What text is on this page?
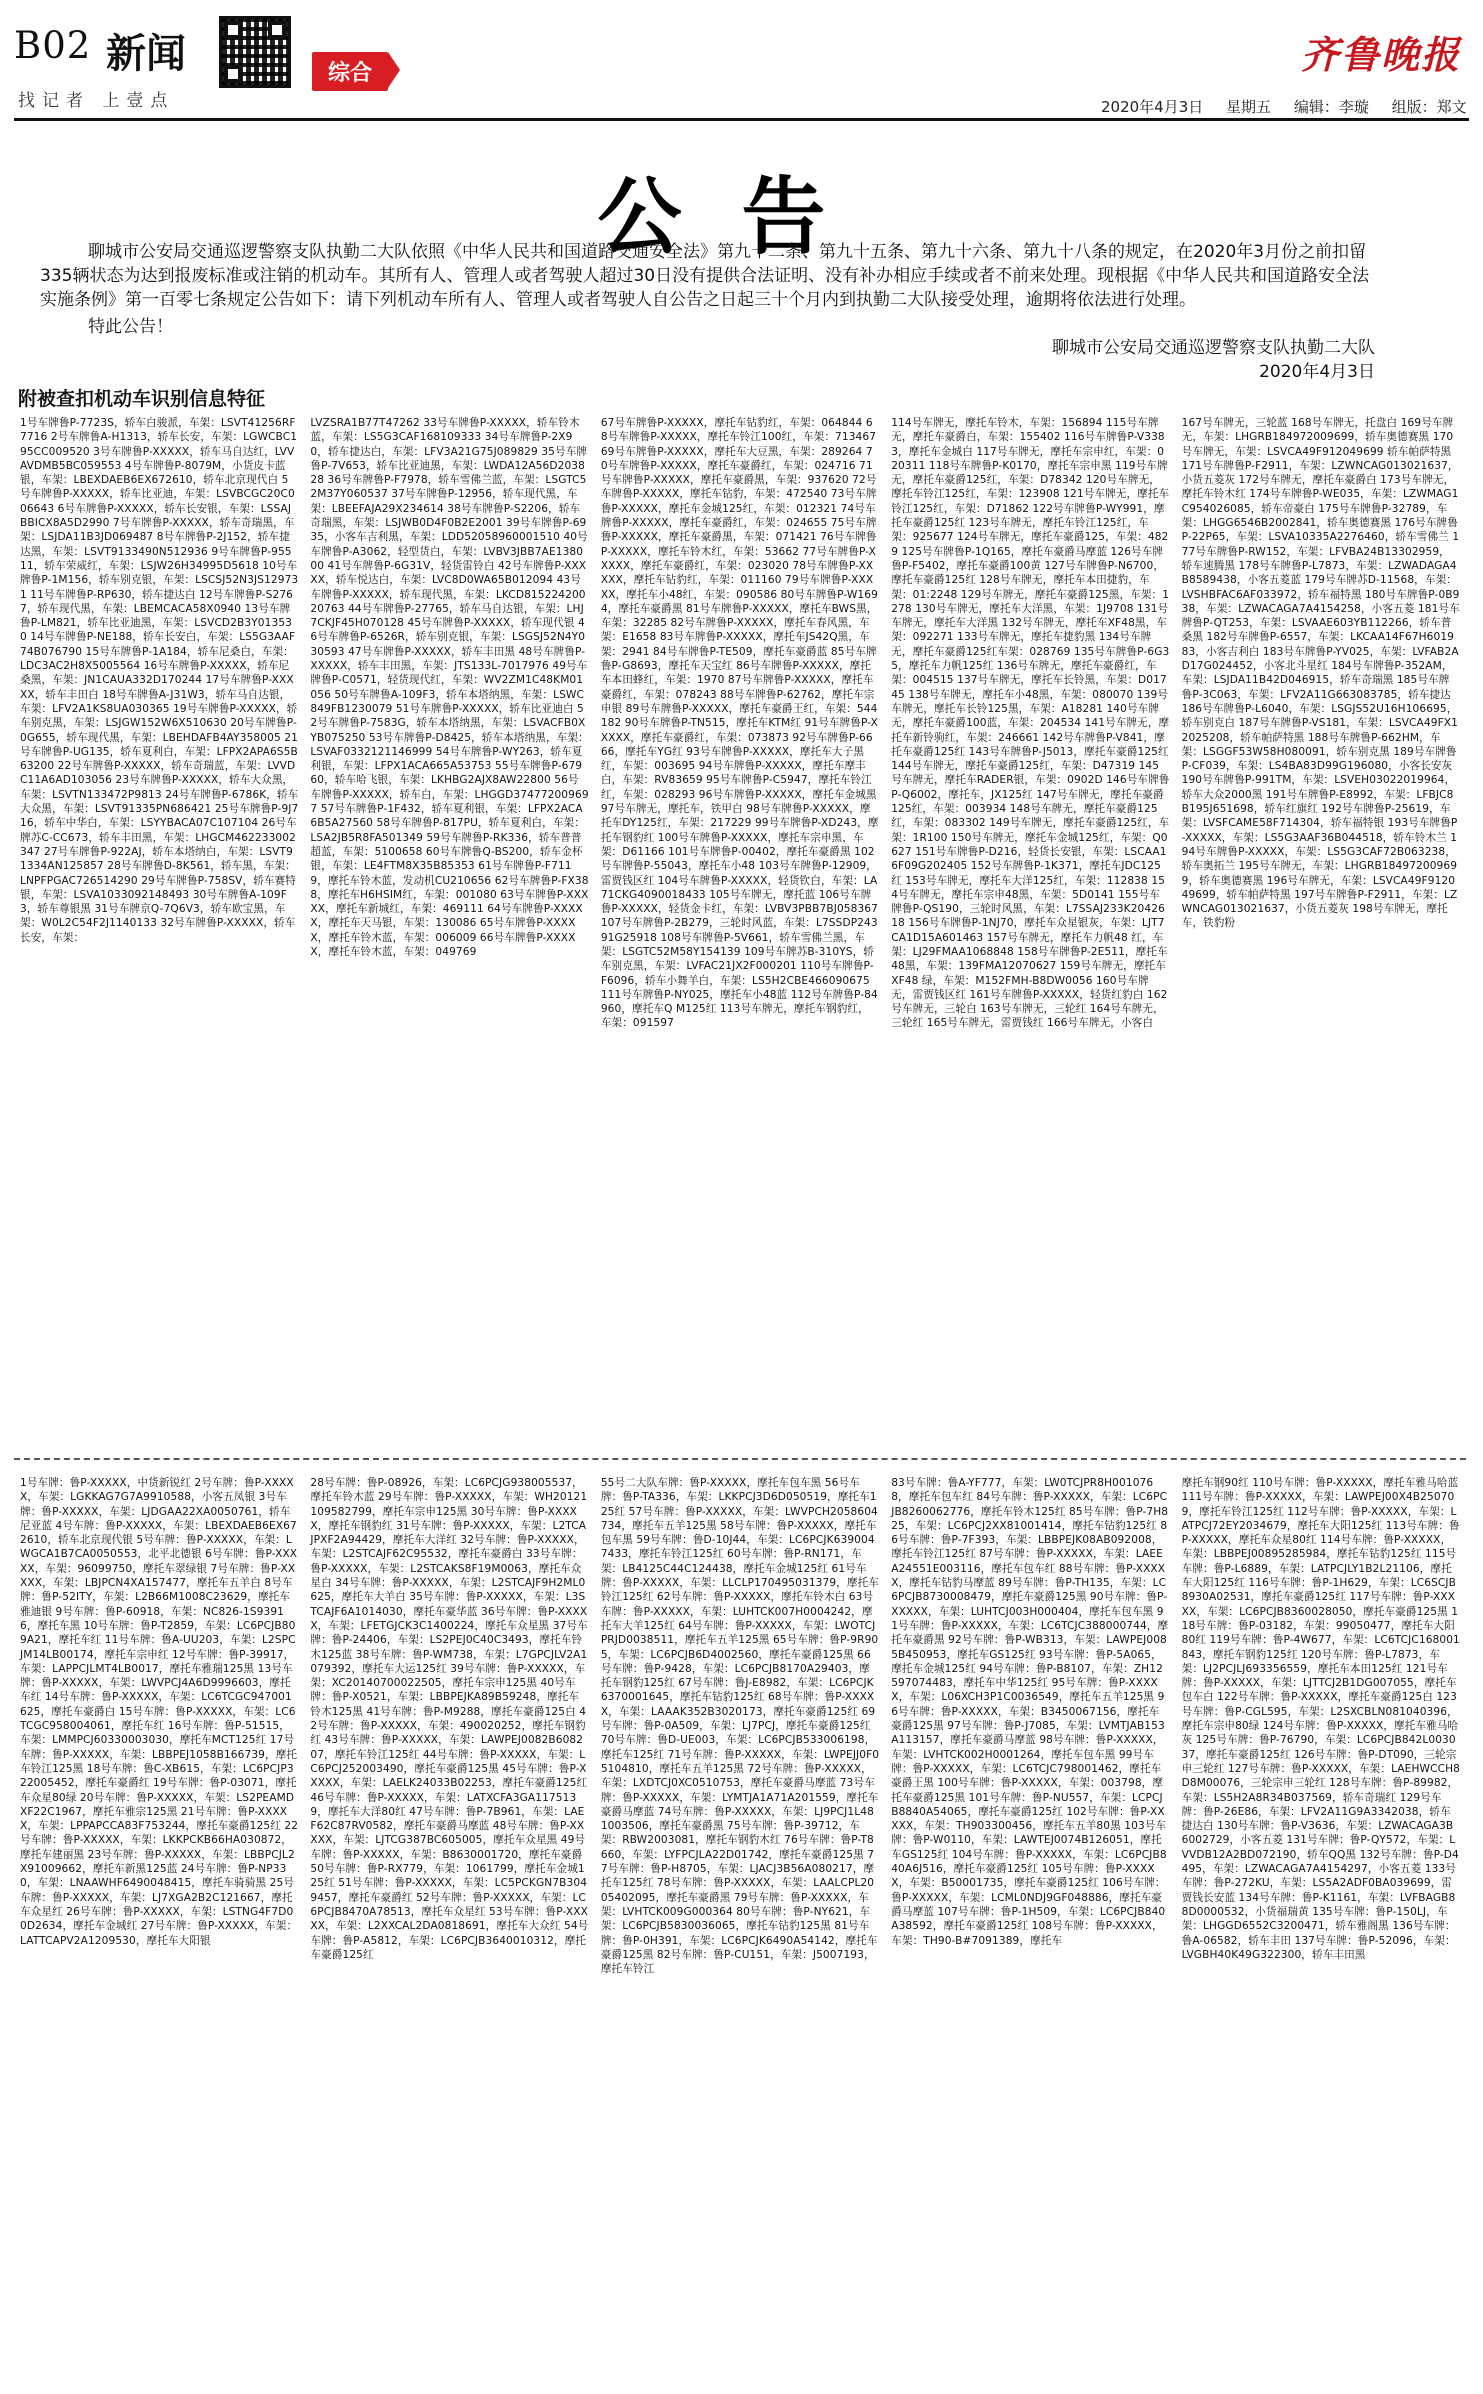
B02 新闻
找记者 上壹点
综合	齐鲁晚报
2020年4月3日 星期五 编辑：李璇 组版：郑文
公告
聊城市公安局交通巡逻警察支队执勤二大队依照《中华人民共和国道路交通安全法》第九十二条、第九十五条、第九十六条、第九十八条的规定，在2020年3月份之前扣留335辆状态为达到报废标准或注销的机动车。其所有人、管理人或者驾驶人超过30日没有提供合法证明、没有补办相应手续或者不前来处理。现根据《中华人民共和国道路安全法实施条例》第一百零七条规定公告如下：请下列机动车所有人、管理人或者驾驶人自公告之日起三十个月内到执勤二大队接受处理，逾期将依法进行处理。
特此公告！
聊城市公安局交通巡逻警察支队执勤二大队
2020年4月3日
附被查扣机动车识别信息特征

1号车牌鲁P-7723S，轿车白骏派，车架：LSVT41256RF7716 2号车牌鲁A-H1313，轿车长安，车架：LGWCBC195CC009520 3号车牌鲁P-XXXXX，轿车马自达红，LVVAVDMB5BC059553 4号车牌鲁P-8079M，小货皮卡蓝银，车架：LBEXDAEB6EX672610，轿车北京现代白 5号车牌鲁P-XXXXX，轿车比亚迪，车架：LSVBCGC20C006643 6号车牌鲁P-XXXXX，轿车长安银，车架：LSSAJBBICX8A5D2990 7号车牌鲁P-XXXXX，轿车奇瑞黑，车架：LSJDA11B3JD069487 8号车牌鲁P-2J152，轿车捷达黑，车架：LSVT9133490N512936 9号车牌鲁P-95511，轿车荣威红，车架：LSJW26H34995D5618 10号车牌鲁P-1M156，轿车别克银，车架：LSCSJ52N3JS129731 11号车牌鲁P-RP630，轿车捷达白 12号车牌鲁P-S2767，轿车现代黑，车架：LBEMCACA58X0940 13号车牌鲁P-LM821，轿车比亚迪黑，车架：LSVCD2B3Y013530 14号车牌鲁P-NE188，轿车长安白，车架：LS5G3AAF74B076790 15号车牌鲁P-1A184，轿车尼桑白，车架：LDC3AC2H8X5005564 16号车牌鲁P-XXXXX，轿车尼桑黑，车架：JN1CAUA332D170244 17号车牌鲁P-XXXXX，轿车丰田白 18号车牌鲁A-J31W3，轿车马自达银，车架：LFV2A1KS8UA030365 19号车牌鲁P-XXXXX，轿车别克黑，车架：LSJGW152W6X510630 20号车牌鲁P-0G655，轿车现代黑，车架：LBEHDAFB4AY358005 21号车牌鲁P-UG135，轿车夏利白，车架：LFPX2APA6S5B63200 22号车牌鲁P-XXXXX，轿车奇瑞蓝，车架：LVVDC11A6AD103056 23号车牌鲁P-XXXXX，轿车大众黑，车架：LSVTN133472P9813 24号车牌鲁P-6786K，轿车大众黑，车架：LSVT91335PN686421 25号车牌鲁P-9J716，轿车中华白，车架：LSYYBACA07C107104 26号车牌苏C-CC673，轿车丰田黑，车架：LHGCM462233002347 27号车牌鲁P-922AJ，轿车本塔纳白，车架：LSVT91334AN125857 28号车牌鲁D-8K561，轿车黑，车架：LNPFPGAC726514290 29号车牌鲁P-758SV，轿车赛特银，车架：LSVA1033092148493 30号车牌鲁A-109F3，轿车尊银黑 31号车牌京Q-7Q6V3，轿车欧宝黑，车架：W0L2C54F2J1140133 32号车牌鲁P-XXXXX，轿车长安，车架：

LVZSRA1B77T47262 33号车牌鲁P-XXXXX，轿车铃木蓝，车架：LS5G3CAF168109333 34号车牌鲁P-2X90，轿车捷达白，车架：LFV3A21G75J089829 35号车牌鲁P-7V653，轿车比亚迪黑，车架：LWDA12A56D203828 36号车牌鲁P-F7978，轿车雪佛兰蓝，车架：LSGTC52M37Y060537 37号车牌鲁P-12956，轿车现代黑，车架：LBEEFAJA29X234614 38号车牌鲁P-S2206，轿车奇瑞黑，车架：LSJWB0D4F0B2E2001 39号车牌鲁P-6935，小客车吉利黑，车架：LDD52058960001510 40号车牌鲁P-A3062，轻型货白，车架：LVBV3JBB7AE138000 41号车牌鲁P-6G31V，轻货雷铃白 42号车牌鲁P-XXXXX，轿车悦达白，车架：LVC8D0WA65B012094 43号车牌鲁P-XXXXX，轿车现代黑，车架：LKCD81522420020763 44号车牌鲁P-27765，轿车马自达银，车架：LHJ7CKJF45H070128 45号车牌鲁P-XXXXX，轿车现代银 46号车牌鲁P-6526R，轿车别克银，车架：LSGSJ52N4Y030593 47号车牌鲁P-XXXXX，轿车丰田黑 48号车牌鲁P-XXXXX，轿车丰田黑，车架：JTS133L-7017976 49号车牌鲁P-C0571，轻货现代红，车架：WV2ZM1C48KM01056 50号车牌鲁A-109F3，轿车本塔纳黑，车架：LSWC849FB1230079 51号车牌鲁P-XXXXX，轿车比亚迪白 52号车牌鲁P-7583G，轿车本塔纳黑，车架：LSVACFB0XYB075250 53号车牌鲁P-D8425，轿车本塔纳黑，车架：LSVAF0332121146999 54号车牌鲁P-WY263，轿车夏利银，车架：LFPX1ACA665A53753 55号车牌鲁P-67960，轿车哈飞银，车架：LKHBG2AJX8AW22800 56号车牌鲁P-XXXXX，轿车白，车架：LHGGD374772009697 57号车牌鲁P-1F432，轿车夏利银，车架：LFPX2ACA6B5A27560 58号车牌鲁P-817PU，轿车夏利白，车架：LSA2JB5R8FA501349 59号车牌鲁P-RK336，轿车普普超蓝，车架：5100658 60号车牌鲁Q-BS200，轿车金杯银，车架：LE4FTM8X35B85353 61号车牌鲁P-F7119，摩托车铃木蓝，发动机CU210656 62号车牌鲁P-FX388，摩托车H6HSIM红，车架：001080 63号车牌鲁P-XXXXX，摩托车新城红，车架：469111 64号车牌鲁P-XXXXX，摩托车天马银，车架：130086 65号车牌鲁P-XXXXX，摩托车铃木蓝，车架：006009 66号车牌鲁P-XXXXX，摩托车铃木蓝，车架：049769

67号车牌鲁P-XXXXX，摩托车钻豹红，车架：064844 68号车牌鲁P-XXXXX，摩托车铃江100红，车架：713467 69号车牌鲁P-XXXXX，摩托车大豆黑，车架：289264 70号车牌鲁P-XXXXX，摩托车豪爵红，车架：024716 71号车牌鲁P-XXXXX，摩托车豪爵黑，车架：937620 72号车牌鲁P-XXXXX，摩托车钻豹，车架：472540 73号车牌鲁P-XXXXX，摩托车金城125红，车架：012321 74号车牌鲁P-XXXXX，摩托车豪爵红，车架：024655 75号车牌鲁P-XXXXX，摩托车豪爵黑，车架：071421 76号车牌鲁P-XXXXX，摩托车铃木红，车架：53662 77号车牌鲁P-XXXXX，摩托车豪爵红，车架：023020 78号车牌鲁P-XXXXX，摩托车钻豹红，车架：011160 79号车牌鲁P-XXXXX，摩托车小48红，车架：090586 80号车牌鲁P-W1694，摩托车豪爵黑 81号车牌鲁P-XXXXX，摩托车BWS黑，车架：32285 82号车牌鲁P-XXXXX，摩托车春风黑，车架：E1658 83号车牌鲁P-XXXXX，摩托车JS42Q黑，车架：2941 84号车牌鲁P-TE509，摩托车豪爵蓝 85号车牌鲁P-G8693，摩托车天宝红 86号车牌鲁P-XXXXX，摩托车本田蜂红，车架：1970 87号车牌鲁P-XXXXX，摩托车豪爵红，车架：078243 88号车牌鲁P-62762，摩托车宗申银 89号车牌鲁P-XXXXX，摩托车豪爵王红，车架：544182 90号车牌鲁P-TN515，摩托车KTM红 91号车牌鲁P-XXXXX，摩托车豪爵红，车架：073873 92号车牌鲁P-6666，摩托车YG红 93号车牌鲁P-XXXXX，摩托车大子黑红，车架：003695 94号车牌鲁P-XXXXX，摩托车摩丰白，车架：RV83659 95号车牌鲁P-C5947，摩托车铃江红，车架：028293 96号车牌鲁P-XXXXX，摩托车金城黑 97号车牌无，摩托车，铁甲白 98号车牌鲁P-XXXXX，摩托车DY125红，车架：217229 99号车牌鲁P-XD243，摩托车钢豹红 100号车牌鲁P-XXXXX，摩托车宗申黑，车架：D61166 101号车牌鲁P-00402，摩托车豪爵黑 102号车牌鲁P-55043，摩托车小48 103号车牌鲁P-12909，雷贾钱区红 104号车牌鲁P-XXXXX，轻货钦白，车架：LA71CKG4090018433 105号车牌无，摩托蓝 106号车牌鲁P-XXXXX，轻货金卡红，车架：LVBV3PBB7BJ058367 107号车牌鲁P-2B279，三轮时风蓝，车架：L7SSDP24391G25918 108号车牌鲁P-5V661，轿车雪佛兰黑，车架：LSGTC52M58Y154139 109号车牌苏B-310YS，轿车别克黑，车架：LVFAC21JX2F000201 110号车牌鲁P-F6096，轿车小舞羊白，车架：LS5H2CBE466090675 111号车牌鲁P-NY025，摩托车小48蓝 112号车牌鲁P-84960，摩托车Q M125红 113号车牌无，摩托车钢豹红，车架：091597

114号车牌无，摩托车铃木，车架：156894 115号车牌无，摩托车豪爵白，车架：155402 116号车牌鲁P-V3383，摩托车金城白 117号车牌无，摩托车宗申红，车架：020311 118号车牌鲁P-K0170，摩托车宗申黑 119号车牌无，摩托车豪爵125红，车架：D78342 120号车牌无，摩托车铃江125红，车架：123908 121号车牌无，摩托车铃江125红，车架：D71862 122号车牌鲁P-WY991，摩托车豪爵125红 123号车牌无，摩托车铃江125红，车架：925677 124号车牌无，摩托车豪爵125，车架：4829 125号车牌鲁P-1Q165，摩托车豪爵马摩蓝 126号车牌鲁P-F5402，摩托车豪爵100黄 127号车牌鲁P-N6700，摩托车豪爵125红 128号车牌无，摩托车本田捷豹，车架：01:2248 129号车牌无，摩托车豪爵125黑，车架：1278 130号车牌无，摩托车大洋黑，车架：1J9708 131号车牌无，摩托车大洋黑 132号车牌无，摩托车XF48黑，车架：092271 133号车牌无，摩托车捷豹黑 134号车牌无，摩托车豪爵125红车架：028769 135号车牌鲁P-6G35，摩托车力帆125红 136号车牌无，摩托车豪爵红，车架：004515 137号车牌无，摩托车长铃黑，车架：D01745 138号车牌无，摩托车小48黑，车架：080070 139号车牌无，摩托车长铃125黑，车架：A18281 140号车牌无，摩托车豪爵100蓝，车架：204534 141号车牌无，摩托车新铃驹红，车架：246661 142号车牌鲁P-V841，摩托车豪爵125红 143号车牌鲁P-J5013，摩托车豪爵125红 144号车牌无，摩托车豪爵125红，车架：D47319 145号车牌无，摩托车RADER银，车架：0902D 146号车牌鲁P-Q6002，摩托车，JX125红 147号车牌无，摩托车豪爵125红，车架：003934 148号车牌无，摩托车豪爵125红，车架：083302 149号车牌无，摩托车豪爵125红，车架：1R100 150号车牌无，摩托车金城125红，车架：Q0627 151号车牌鲁P-D216，轻货长安银，车架：LSCAA16F09G202405 152号车牌鲁P-1K371，摩托车JDC125红 153号车牌无，摩托车大洋125红，车架：112838 154号车牌无，摩托车宗申48黑，车架：5D0141 155号车牌鲁P-QS190，三轮时风黑，车架：L7SSAJ233K2042618 156号车牌鲁P-1NJ70，摩托车众星银灰，车架：LJT7CA1D15A601463 157号车牌无，摩托车力帆48 红，车架：LJ29FMAA1068848 158号车牌鲁P-2E511，摩托车48黑，车架：139FMA12070627 159号车牌无，摩托车XF48 绿，车架：M152FMH-B8DW0056 160号车牌无，雷贾钱区红 161号车牌鲁P-XXXXX，轻货红豹白 162号车牌无，三轮白 163号车牌无，三轮红 164号车牌无，三轮红 165号车牌无，雷贾钱红 166号车牌无，小客白

167号车牌无，三轮蓝 168号车牌无，托盘白 169号车牌无，车架：LHGRB184972009699，轿车奥德赛黑 170号车牌无，车架：LSVCA49F912049699 轿车帕萨特黑 171号车牌鲁P-F2911，车架：LZWNCAG013021637，小货五菱灰 172号车牌无，摩托车豪爵白 173号车牌无，摩托车铃木红 174号车牌鲁P-WE035，车架：LZWMAG1C954026085，轿车帝豪白 175号车牌鲁P-32789，车架：LHGG6546B2002841，轿车奥德赛黑 176号车牌鲁P-22P65，车架：LSVA10335A2276460，轿车雪佛兰 177号车牌鲁P-RW152，车架：LFVBA24B13302959，轿车速腾黑 178号车牌鲁P-L7873，车架：LZWADAGA4B8589438，小客五菱蓝 179号车牌苏D-11568，车架：LVSHBFAC6AF033972，轿车福特黑 180号车牌鲁P-0B938，车架：LZWACAGA7A4154258，小客五菱 181号车牌鲁P-QT253，车架：LSVAAE603YB112266，轿车普桑黑 182号车牌鲁P-6557，车架：LKCAA14F67H601983，小客吉利白 183号车牌鲁P-YV025，车架：LVFAB2AD17G024452，小客北斗星红 184号车牌鲁P-352AM，车架：LSJDA11B42D046915，轿车奇瑞黑 185号车牌鲁P-3C063，车架：LFV2A11G663083785，轿车捷达 186号车牌鲁P-L6040，车架：LSGJS52U16H106695，轿车别克白 187号车牌鲁P-VS181，车架：LSVCA49FX12025208，轿车帕萨特黑 188号车牌鲁P-662HM，车架：LSGGF53W58H080091，轿车别克黑 189号车牌鲁P-CF039，车架：LS4BA83D99G196080，小客长安灰 190号车牌鲁P-991TM，车架：LSVEH03022019964，轿车大众2000黑 191号车牌鲁P-E8992，车架：LFBJC8B195J651698，轿车红旗红 192号车牌鲁P-25619，车架：LVSFCAME58F714304，轿车福特银 193号车牌鲁P-XXXXX，车架：LS5G3AAF36B044518，轿车铃木兰 194号车牌鲁P-XXXXX，车架：LS5G3CAF72B063238，轿车奥拓兰 195号车牌无，车架：LHGRB184972009699，轿车奥德赛黑 196号车牌无，车架：LSVCA49F912049699，轿车帕萨特黑 197号车牌鲁P-F2911，车架：LZWNCAG013021637，小货五菱灰 198号车牌无，摩托车，铁豹粉

1号车牌：鲁P-XXXXX，中货新锐红 2号车牌：鲁P-XXXXX，车架：LGKKAG7G7A9910588，小客五凤银 3号车牌：鲁P-XXXXX，车架：LJDGAA22XA0050761，轿车尼亚蓝 4号车牌：鲁P-XXXXX，车架：LBEXDAEB6EX672610，轿车北京现代银 5号车牌：鲁P-XXXXX，车架：LWGCA1B7CA0050553，北平北德银 6号车牌：鲁P-XXXXX，车架：96099750，摩托车翠绿银 7号车牌：鲁P-XXXXX，车架：LBJPCN4XA157477，摩托车五羊白 8号车牌：鲁P-52ITY，车架：L2B66M1008C23629，摩托车雅迪银 9号车牌：鲁P-60918，车架：NC826-1S93916，摩托车黑 10号车牌：鲁P-T2859，车架：LC6PCJB809A21，摩托车红 11号车牌：鲁A-UU203，车架：L2SPCJM14LB00174，摩托车宗申红 12号车牌：鲁P-39917，车架：LAPPCJLMT4LB0017，摩托车雅瑞125黑 13号车牌：鲁P-XXXXX，车架：LWVPCJ4A6D9996603，摩托车红 14号车牌：鲁P-XXXXX，车架：LC6TCGC947001625，摩托车豪爵白 15号车牌：鲁P-XXXXX，车架：LC6TCGC958004061，摩托车红 16号车牌：鲁P-51515，车架：LMMPCJ60330003030，摩托车MCT125红 17号车牌：鲁P-XXXXX，车架：LBBPEJ1058B166739，摩托车铃江125黑 18号车牌：鲁C-XB615，车架：LC6PCJP322005452，摩托车豪爵红 19号车牌：鲁P-03071，摩托车众星80绿 20号车牌：鲁P-XXXXX，车架：LS2PEAMDXF22C1967，摩托车雅宗125黑 21号车牌：鲁P-XXXXX，车架：LPPAPCCA83F753244，摩托车豪爵125红 22号车牌：鲁P-XXXXX，车架：LKKPCKB66HA030872，摩托车建丽黑 23号车牌：鲁P-XXXXX，车架：LBBPCJL2X91009662，摩托车新黑125蓝 24号车牌：鲁P-NP330，车架：LNAAWHF6490048415，摩托车骑骑黑 25号车牌：鲁P-XXXXX，车架：LJ7XGA2B2C121667，摩托车众星红 26号车牌：鲁P-XXXXX，车架：LSTNG4F7D00D2634，摩托车金城红 27号车牌：鲁P-XXXXX，车架：LATTCAPV2A1209530，摩托车大阳银

28号车牌：鲁P-08926，车架：LC6PCJG938005537，摩托车铃木蓝 29号车牌：鲁P-XXXXX，车架：WH20121109582799，摩托车宗申125黑 30号车牌：鲁P-XXXXX，摩托车钢豹红 31号车牌：鲁P-XXXXX，车架：L2TCAJPXF2A94429，摩托车大洋红 32号车牌：鲁P-XXXXX，车架：L2STCAJF62C95532，摩托车豪爵白 33号车牌：鲁P-XXXXX，车架：L2STCAKS8F19M0063，摩托车众星白 34号车牌：鲁P-XXXXX，车架：L2STCAJF9H2ML0625，摩托车大羊白 35号车牌：鲁P-XXXXX，车架：L3STCAJF6A1014030，摩托车豪华蓝 36号车牌：鲁P-XXXXX，车架：LFETGJCK3C1400224，摩托车众星黑 37号车牌：鲁P-24406，车架：LS2PEJ0C40C3493，摩托车铃木125蓝 38号车牌：鲁P-WM738，车架：L7GPCJLV2A1079392，摩托车大运125红 39号车牌：鲁P-XXXXX，车架：XC20140700022505，摩托车宗申125黑 40号车牌：鲁P-X0521，车架：LBBPEJKA89B59248，摩托车铃木125黑 41号车牌：鲁P-M9288，摩托车豪爵125白 42号车牌：鲁P-XXXXX，车架：490020252，摩托车钢豹红 43号车牌：鲁P-XXXXX，车架：LAWPEJ0082B608207，摩托车铃江125红 44号车牌：鲁P-XXXXX，车架：LC6PCJ252003490，摩托车豪爵125黑 45号车牌：鲁P-XXXXX，车架：LAELK24033B02253，摩托车豪爵125红 46号车牌：鲁P-XXXXX，车架：LATXCFA3GA1175139，摩托车大洋80红 47号车牌：鲁P-7B961，车架：LAEF62C87RV0582，摩托车豪爵马摩蓝 48号车牌：鲁P-XXXXX，车架：LJTCG387BC605005，摩托车众星黑 49号车牌：鲁P-XXXXX，车架：B8630001720，摩托车豪爵 50号车牌：鲁P-RX779，车架：1061799，摩托车金城125红 51号车牌：鲁P-XXXXX，车架：LC5PCKGN7B3049457，摩托车豪爵红 52号车牌：鲁P-XXXXX，车架：LC6PCJB8470A78513，摩托车众星红 53号车牌：鲁P-XXXXX，车架：L2XXCAL2DA0818691，摩托车大众红 54号车牌：鲁P-A5812，车架：LC6PCJB3640010312，摩托车豪爵125红

55号二大队车牌：鲁P-XXXXX，摩托车包车黑 56号车牌：鲁P-TA336，车架：LKKPCJ3D6D050519，摩托车125红 57号车牌：鲁P-XXXXX，车架：LWVPCH2058604734，摩托车五羊125黑 58号车牌：鲁P-XXXXX，摩托车包车黑 59号车牌：鲁D-10J44，车架：LC6PCJK6390047433，摩托车铃江125红 60号车牌：鲁P-RN171，车架：LB4125C44C124438，摩托车金城125红 61号车牌：鲁P-XXXXX，车架：LLCLP170495031379，摩托车铃江125红 62号车牌：鲁P-XXXXX，摩托车铃木白 63号车牌：鲁P-XXXXX，车架：LUHTCK007H0004242，摩托车大羊125红 64号车牌：鲁P-XXXXX，车架：LWOTCJPRJD0038511，摩托车五羊125黑 65号车牌：鲁P-9R905，车架：LC6PCJB6D4002560，摩托车豪爵125黑 66号车牌：鲁P-9428，车架：LC6PCJB8170A29403，摩托车钢豹125红 67号车牌：鲁J-E8982，车架：LC6PCJK6370001645，摩托车钻豹125红 68号车牌：鲁P-XXXXX，车架：LAAAK352B3020173，摩托车豪爵125红 69号车牌：鲁P-0A509，车架：LJ7PCJ，摩托车豪爵125红 70号车牌：鲁D-UE003，车架：LC6PCJB533006198，摩托车125红 71号车牌：鲁P-XXXXX，车架：LWPEJJ0F05104810，摩托车五羊125黑 72号车牌：鲁P-XXXXX，车架：LXDTCJ0XC0510753，摩托车豪爵马摩蓝 73号车牌：鲁P-XXXXX，车架：LYMTJA1A71A201559，摩托车豪爵马摩蓝 74号车牌：鲁P-XXXXX，车架：LJ9PCJ1L481003506，摩托车豪爵黑 75号车牌：鲁P-39712，车架：RBW2003081，摩托车钢豹木红 76号车牌：鲁P-T8660，车架：LYFPCJLA22D01742，摩托车豪爵125黑 77号车牌：鲁P-H8705，车架：LJACJ3B56A080217，摩托车125红 78号车牌：鲁P-XXXXX，车架：LAALCPL2005402095，摩托车豪爵黑 79号车牌：鲁P-XXXXX，车架：LVHTCK009G000364 80号车牌：鲁P-NY621，车架：LC6PCJB5830036065，摩托车钻豹125黑 81号车牌：鲁P-0H391，车架：LC6PCJK6490A54142，摩托车豪爵125黑 82号车牌：鲁P-CU151，车架：J5007193，摩托车铃江

83号车牌：鲁A-YF777，车架：LW0TCJPR8H0010768，摩托车包车红 84号车牌：鲁P-XXXXX，车架：LC6PCJB8260062776，摩托车铃木125红 85号车牌：鲁P-7H825，车架：LC6PCJ2XX81001414，摩托车钻豹125红 86号车牌：鲁P-7F393，车架：LBBPEJK08AB092008，摩托车铃江125红 87号车牌：鲁P-XXXXX，车架：LAEEA24551E003116，摩托车包车红 88号车牌：鲁P-XXXXX，摩托车钻豹马摩蓝 89号车牌：鲁P-TH135，车架：LC6PCJB8730008479，摩托车豪爵125黑 90号车牌：鲁P-XXXXX，车架：LUHTCJ003H000404，摩托车包车黑 91号车牌：鲁P-XXXXX，车架：LC6TCJC388000744，摩托车豪爵黑 92号车牌：鲁P-WB313，车架：LAWPEJ0085B450953，摩托车GS125红 93号车牌：鲁P-5A065，摩托车金城125红 94号车牌：鲁P-B8107，车架：ZH12597074483，摩托车中华125红 95号车牌：鲁P-XXXXX，车架：L06XCH3P1C0036549，摩托车五羊125黑 96号车牌：鲁P-XXXXX，车架：B3450067156，摩托车豪爵125黑 97号车牌：鲁P-J7085，车架：LVMTJAB153A113157，摩托车豪爵马摩蓝 98号车牌：鲁P-XXXXX，车架：LVHTCK002H0001264，摩托车包车黑 99号车牌：鲁P-XXXXX，车架：LC6TCJC798001462，摩托车豪爵王黑 100号车牌：鲁P-XXXXX，车架：003798，摩托车豪爵125黑 101号车牌：鲁P-NU557，车架：LCPCJB8840A54065，摩托车豪爵125红 102号车牌：鲁P-XXXXX，车架：TH903300456，摩托车五羊80黑 103号车牌：鲁P-W0110，车架：LAWTEJ0074B126051，摩托车GS125红 104号车牌：鲁P-XXXXX，车架：LC6PCJB840A6J516，摩托车豪爵125红 105号车牌：鲁P-XXXXX，车架：B50001735，摩托车豪爵125红 106号车牌：鲁P-XXXXX，车架：LCML0NDJ9GF048886，摩托车豪爵马摩蓝 107号车牌：鲁P-1H509，车架：LC6PCJB840A38592，摩托车豪爵125红 108号车牌：鲁P-XXXXX，车架：TH90-B#7091389，摩托车

摩托车钢90红 110号车牌：鲁P-XXXXX，摩托车雅马哈蓝 111号车牌：鲁P-XXXXX，车架：LAWPEJ00X4B250709，摩托车铃江125红 112号车牌：鲁P-XXXXX，车架：LATPCJ72EY2034679，摩托车大阳125红 113号车牌：鲁P-XXXXX，摩托车众星80红 114号车牌：鲁P-XXXXX，车架：LBBPEJ00895285984，摩托车钻豹125红 115号车牌：鲁P-L6889，车架：LATPCJLY1B2L21106，摩托车大阳125红 116号车牌：鲁P-1H629，车架：LC6SCJB8930A02531，摩托车豪爵125红 117号车牌：鲁P-XXXXX，车架：LC6PCJB8360028050，摩托车豪爵125黑 118号车牌：鲁P-03182，车架：99050477，摩托车大阳80红 119号车牌：鲁P-4W677，车架：LC6TCJC168001843，摩托车钢豹125红 120号车牌：鲁P-L7873，车架：LJ2PCJLJ693356559，摩托车本田125红 121号车牌：鲁P-XXXXX，车架：LJTTCJ2B1DG007055，摩托车包车白 122号车牌：鲁P-XXXXX，摩托车豪爵125白 123号车牌：鲁P-CGL595，车架：L2SXCBLN081040396，摩托车宗申80绿 124号车牌：鲁P-XXXXX，摩托车雅马哈灰 125号车牌：鲁P-76790，车架：LC6PCJB842L003037，摩托车豪爵125红 126号车牌：鲁P-DT090，三轮宗申三轮红 127号车牌：鲁P-XXXXX，车架：LAEHWCCH8D8M00076，三轮宗申三轮红 128号车牌：鲁P-89982，车架：LS5H2A8R34B037569，轿车奇瑞红 129号车牌：鲁P-26E86，车架：LFV2A11G9A3342038，轿车捷达白 130号车牌：鲁P-V3636，车架：LZWACAGA3B6002729，小客五菱 131号车牌：鲁P-QY572，车架：LVVDB12A2BD072190，轿车QQ黑 132号车牌：鲁P-D4495，车架：LZWACAGA7A4154297，小客五菱 133号车牌：鲁P-272KU，车架：LS5A2ADF0BA039699，雷贾钱长安蓝 134号车牌：鲁P-K1161，车架：LVFBAGB88D0000532，小货福瑞黄 135号车牌：鲁P-150LJ，车架：LHGGD6552C3200471，轿车雅阁黑 136号车牌：鲁A-06582，轿车丰田 137号车牌：鲁P-52096，车架：LVGBH40K49G322300，轿车丰田黑
